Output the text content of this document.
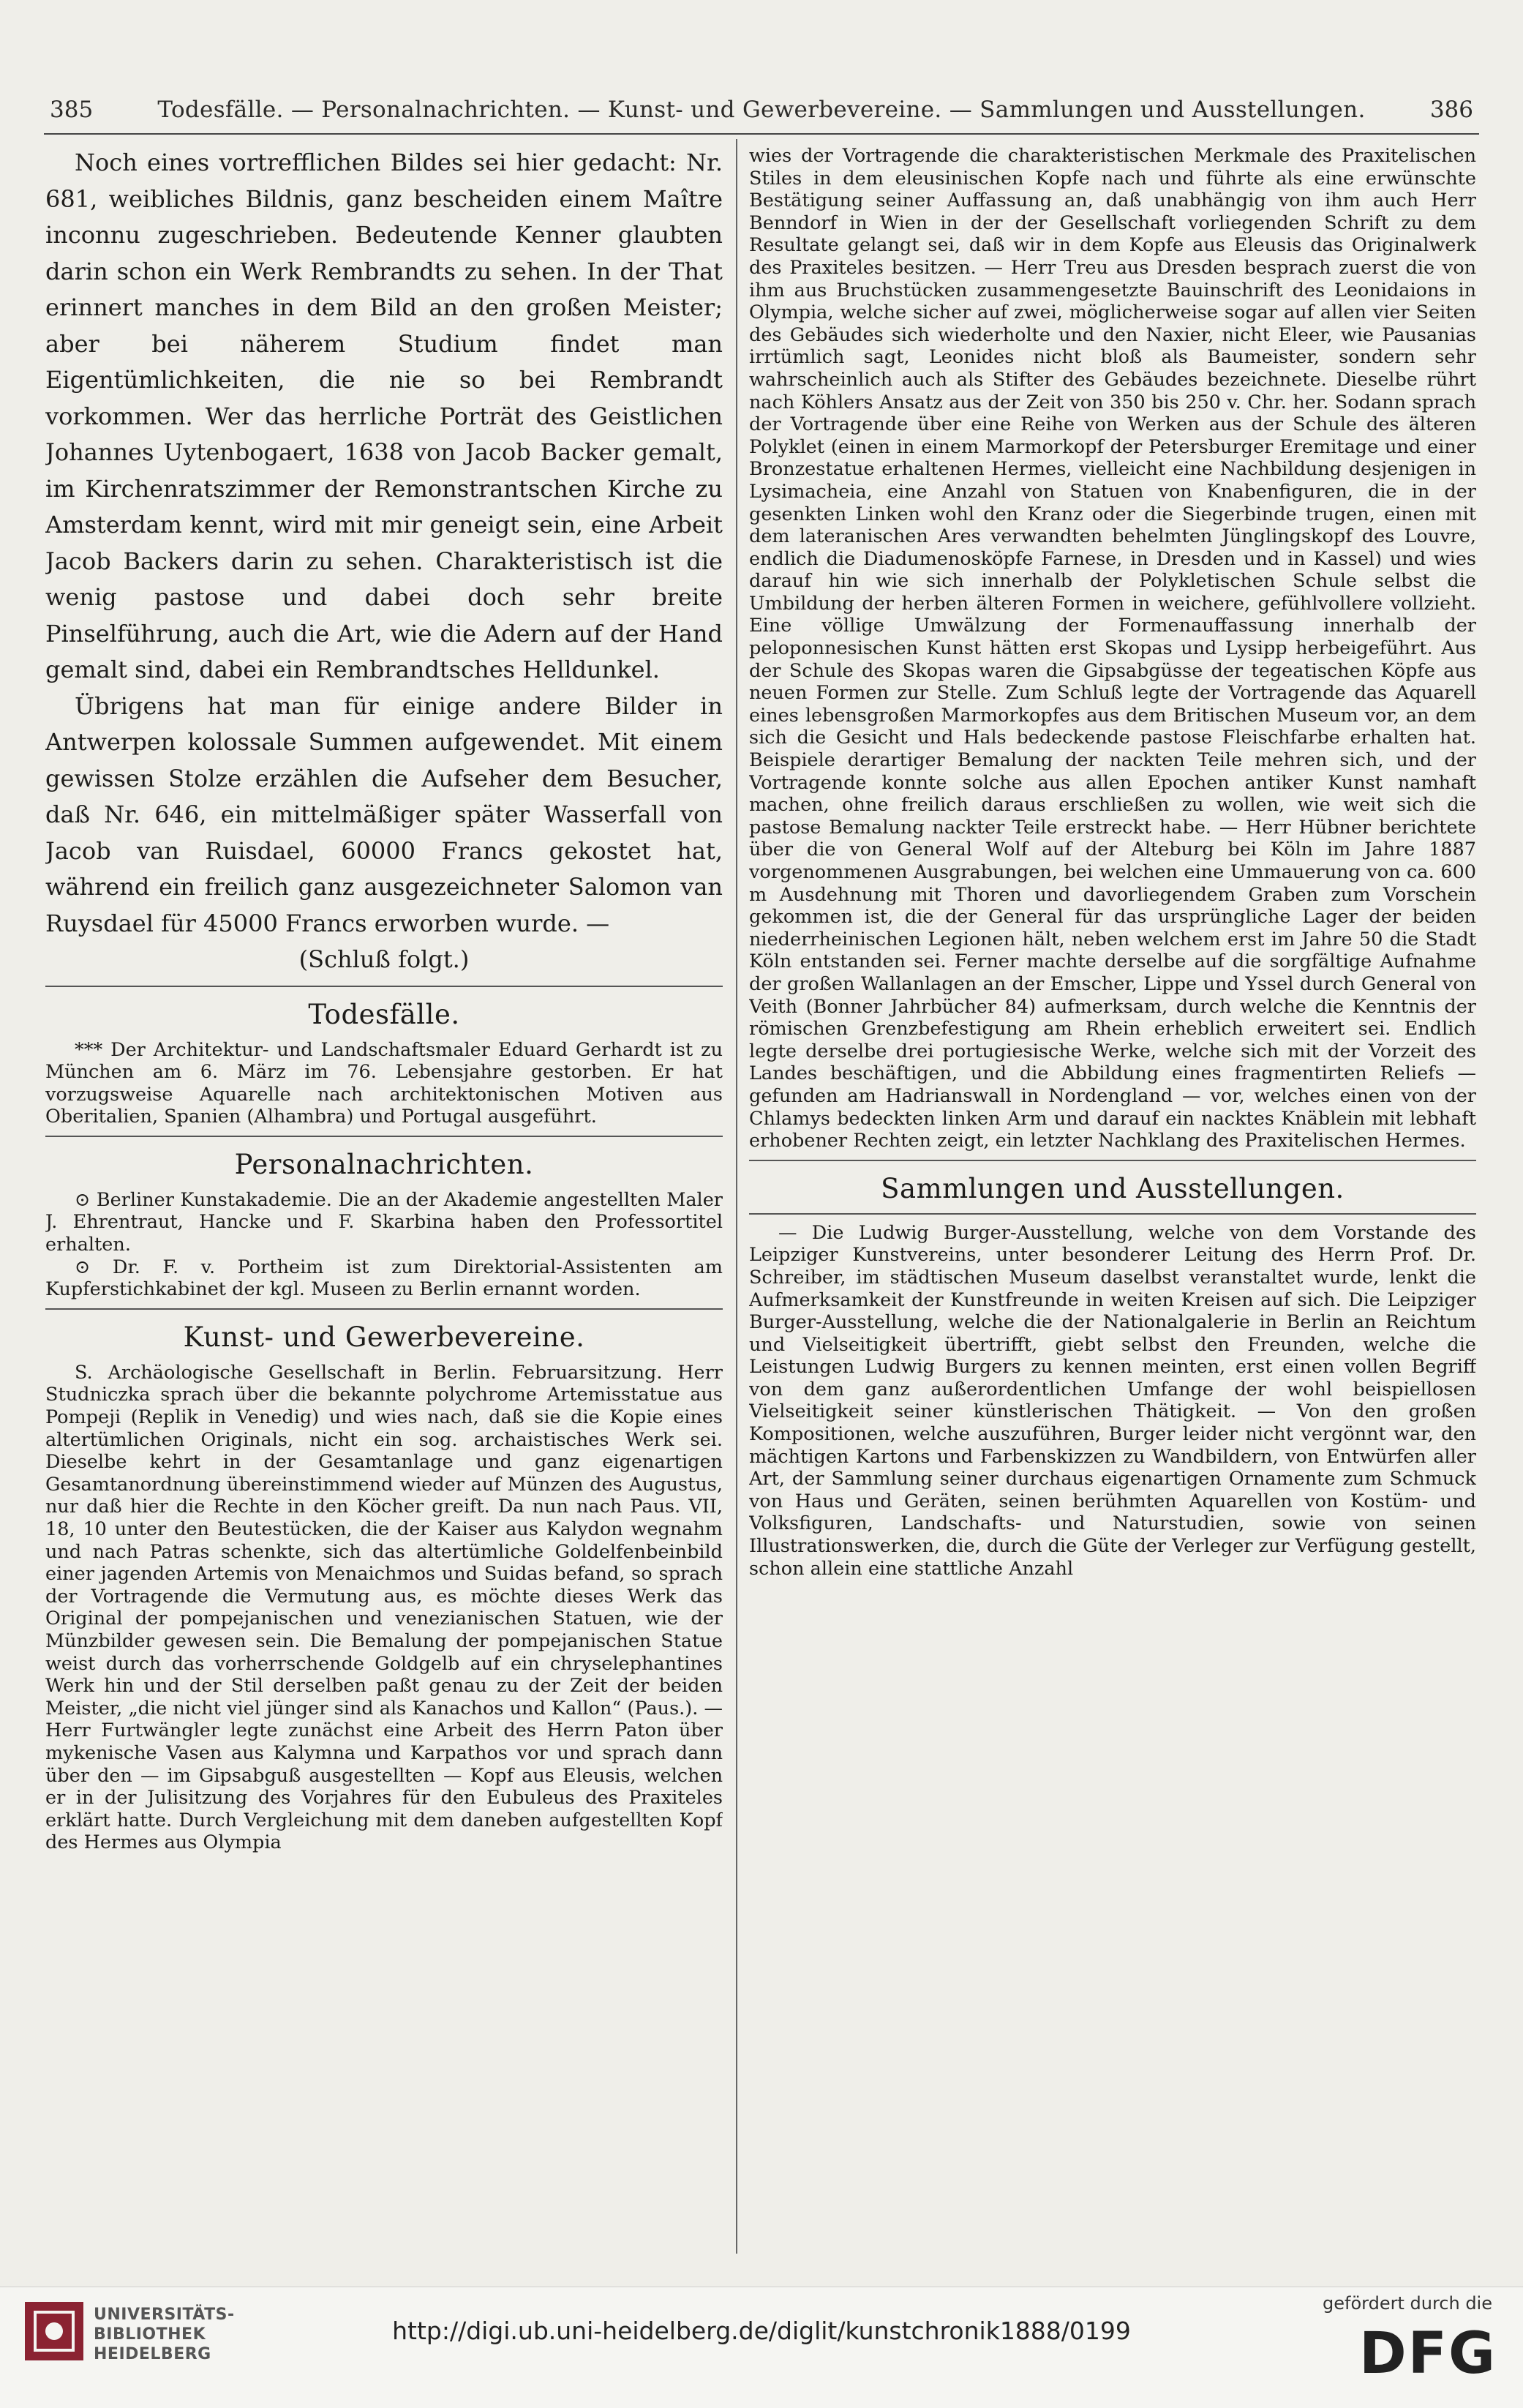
385	Todesfälle. — Personalnachrichten. — Kunst- und Gewerbevereine. — Sammlungen und Ausstellungen.	386

Noch eines vortrefflichen Bildes sei hier gedacht: Nr. 681, weibliches Bildnis, ganz bescheiden einem Maître inconnu zugeschrieben. Bedeutende Kenner glaubten darin schon ein Werk Rembrandts zu sehen. In der That erinnert manches in dem Bild an den großen Meister; aber bei näherem Studium findet man Eigentümlichkeiten, die nie so bei Rembrandt vorkommen. Wer das herrliche Porträt des Geistlichen Johannes Uytenbogaert, 1638 von Jacob Backer gemalt, im Kirchenratszimmer der Remonstrantschen Kirche zu Amsterdam kennt, wird mit mir geneigt sein, eine Arbeit Jacob Backers darin zu sehen. Charakteristisch ist die wenig pastose und dabei doch sehr breite Pinselführung, auch die Art, wie die Adern auf der Hand gemalt sind, dabei ein Rembrandtsches Helldunkel.

Übrigens hat man für einige andere Bilder in Antwerpen kolossale Summen aufgewendet. Mit einem gewissen Stolze erzählen die Aufseher dem Besucher, daß Nr. 646, ein mittelmäßiger später Wasserfall von Jacob van Ruisdael, 60000 Francs gekostet hat, während ein freilich ganz ausgezeichneter Salomon van Ruysdael für 45000 Francs erworben wurde. —

(Schluß folgt.)

Todesfälle.

*** Der Architektur- und Landschaftsmaler Eduard Gerhardt ist zu München am 6. März im 76. Lebensjahre gestorben. Er hat vorzugsweise Aquarelle nach architektonischen Motiven aus Oberitalien, Spanien (Alhambra) und Portugal ausgeführt.

Personalnachrichten.

⊙ Berliner Kunstakademie. Die an der Akademie angestellten Maler J. Ehrentraut, Hancke und F. Skarbina haben den Professortitel erhalten.

⊙ Dr. F. v. Portheim ist zum Direktorial-Assistenten am Kupferstichkabinet der kgl. Museen zu Berlin ernannt worden.

Kunst- und Gewerbevereine.

S. Archäologische Gesellschaft in Berlin. Februarsitzung. Herr Studniczka sprach über die bekannte polychrome Artemisstatue aus Pompeji (Replik in Venedig) und wies nach, daß sie die Kopie eines altertümlichen Originals, nicht ein sog. archaistisches Werk sei. Dieselbe kehrt in der Gesamtanlage und ganz eigenartigen Gesamtanordnung übereinstimmend wieder auf Münzen des Augustus, nur daß hier die Rechte in den Köcher greift. Da nun nach Paus. VII, 18, 10 unter den Beutestücken, die der Kaiser aus Kalydon wegnahm und nach Patras schenkte, sich das altertümliche Goldelfenbeinbild einer jagenden Artemis von Menaichmos und Suidas befand, so sprach der Vortragende die Vermutung aus, es möchte dieses Werk das Original der pompejanischen und venezianischen Statuen, wie der Münzbilder gewesen sein. Die Bemalung der pompejanischen Statue weist durch das vorherrschende Goldgelb auf ein chryselephantines Werk hin und der Stil derselben paßt genau zu der Zeit der beiden Meister, „die nicht viel jünger sind als Kanachos und Kallon“ (Paus.). — Herr Furtwängler legte zunächst eine Arbeit des Herrn Paton über mykenische Vasen aus Kalymna und Karpathos vor und sprach dann über den — im Gipsabguß ausgestellten — Kopf aus Eleusis, welchen er in der Julisitzung des Vorjahres für den Eubuleus des Praxiteles erklärt hatte. Durch Vergleichung mit dem daneben aufgestellten Kopf des Hermes aus Olympia

wies der Vortragende die charakteristischen Merkmale des Praxitelischen Stiles in dem eleusinischen Kopfe nach und führte als eine erwünschte Bestätigung seiner Auffassung an, daß unabhängig von ihm auch Herr Benndorf in Wien in der der Gesellschaft vorliegenden Schrift zu dem Resultate gelangt sei, daß wir in dem Kopfe aus Eleusis das Originalwerk des Praxiteles besitzen. — Herr Treu aus Dresden besprach zuerst die von ihm aus Bruchstücken zusammengesetzte Bauinschrift des Leonidaions in Olympia, welche sicher auf zwei, möglicherweise sogar auf allen vier Seiten des Gebäudes sich wiederholte und den Naxier, nicht Eleer, wie Pausanias irrtümlich sagt, Leonides nicht bloß als Baumeister, sondern sehr wahrscheinlich auch als Stifter des Gebäudes bezeichnete. Dieselbe rührt nach Köhlers Ansatz aus der Zeit von 350 bis 250 v. Chr. her. Sodann sprach der Vortragende über eine Reihe von Werken aus der Schule des älteren Polyklet (einen in einem Marmorkopf der Petersburger Eremitage und einer Bronzestatue erhaltenen Hermes, vielleicht eine Nachbildung desjenigen in Lysimacheia, eine Anzahl von Statuen von Knabenfiguren, die in der gesenkten Linken wohl den Kranz oder die Siegerbinde trugen, einen mit dem lateranischen Ares verwandten behelmten Jünglingskopf des Louvre, endlich die Diadumenosköpfe Farnese, in Dresden und in Kassel) und wies darauf hin wie sich innerhalb der Polykletischen Schule selbst die Umbildung der herben älteren Formen in weichere, gefühlvollere vollzieht. Eine völlige Umwälzung der Formenauffassung innerhalb der peloponnesischen Kunst hätten erst Skopas und Lysipp herbeigeführt. Aus der Schule des Skopas waren die Gipsabgüsse der tegeatischen Köpfe aus neuen Formen zur Stelle. Zum Schluß legte der Vortragende das Aquarell eines lebensgroßen Marmorkopfes aus dem Britischen Museum vor, an dem sich die Gesicht und Hals bedeckende pastose Fleischfarbe erhalten hat. Beispiele derartiger Bemalung der nackten Teile mehren sich, und der Vortragende konnte solche aus allen Epochen antiker Kunst namhaft machen, ohne freilich daraus erschließen zu wollen, wie weit sich die pastose Bemalung nackter Teile erstreckt habe. — Herr Hübner berichtete über die von General Wolf auf der Alteburg bei Köln im Jahre 1887 vorgenommenen Ausgrabungen, bei welchen eine Ummauerung von ca. 600 m Ausdehnung mit Thoren und davorliegendem Graben zum Vorschein gekommen ist, die der General für das ursprüngliche Lager der beiden niederrheinischen Legionen hält, neben welchem erst im Jahre 50 die Stadt Köln entstanden sei. Ferner machte derselbe auf die sorgfältige Aufnahme der großen Wallanlagen an der Emscher, Lippe und Yssel durch General von Veith (Bonner Jahrbücher 84) aufmerksam, durch welche die Kenntnis der römischen Grenzbefestigung am Rhein erheblich erweitert sei. Endlich legte derselbe drei portugiesische Werke, welche sich mit der Vorzeit des Landes beschäftigen, und die Abbildung eines fragmentirten Reliefs — gefunden am Hadrianswall in Nordengland — vor, welches einen von der Chlamys bedeckten linken Arm und darauf ein nacktes Knäblein mit lebhaft erhobener Rechten zeigt, ein letzter Nachklang des Praxitelischen Hermes.

Sammlungen und Ausstellungen.

— Die Ludwig Burger-Ausstellung, welche von dem Vorstande des Leipziger Kunstvereins, unter besonderer Leitung des Herrn Prof. Dr. Schreiber, im städtischen Museum daselbst veranstaltet wurde, lenkt die Aufmerksamkeit der Kunstfreunde in weiten Kreisen auf sich. Die Leipziger Burger-Ausstellung, welche die der Nationalgalerie in Berlin an Reichtum und Vielseitigkeit übertrifft, giebt selbst den Freunden, welche die Leistungen Ludwig Burgers zu kennen meinten, erst einen vollen Begriff von dem ganz außerordentlichen Umfange der wohl beispiellosen Vielseitigkeit seiner künstlerischen Thätigkeit. — Von den großen Kompositionen, welche auszuführen, Burger leider nicht vergönnt war, den mächtigen Kartons und Farbenskizzen zu Wandbildern, von Entwürfen aller Art, der Sammlung seiner durchaus eigenartigen Ornamente zum Schmuck von Haus und Geräten, seinen berühmten Aquarellen von Kostüm- und Volksfiguren, Landschafts- und Naturstudien, sowie von seinen Illustrationswerken, die, durch die Güte der Verleger zur Verfügung gestellt, schon allein eine stattliche Anzahl

UNIVERSITÄTS-
BIBLIOTHEK
HEIDELBERG
http://digi.ub.uni-heidelberg.de/diglit/kunstchronik1888/0199
gefördert durch die
DFG
